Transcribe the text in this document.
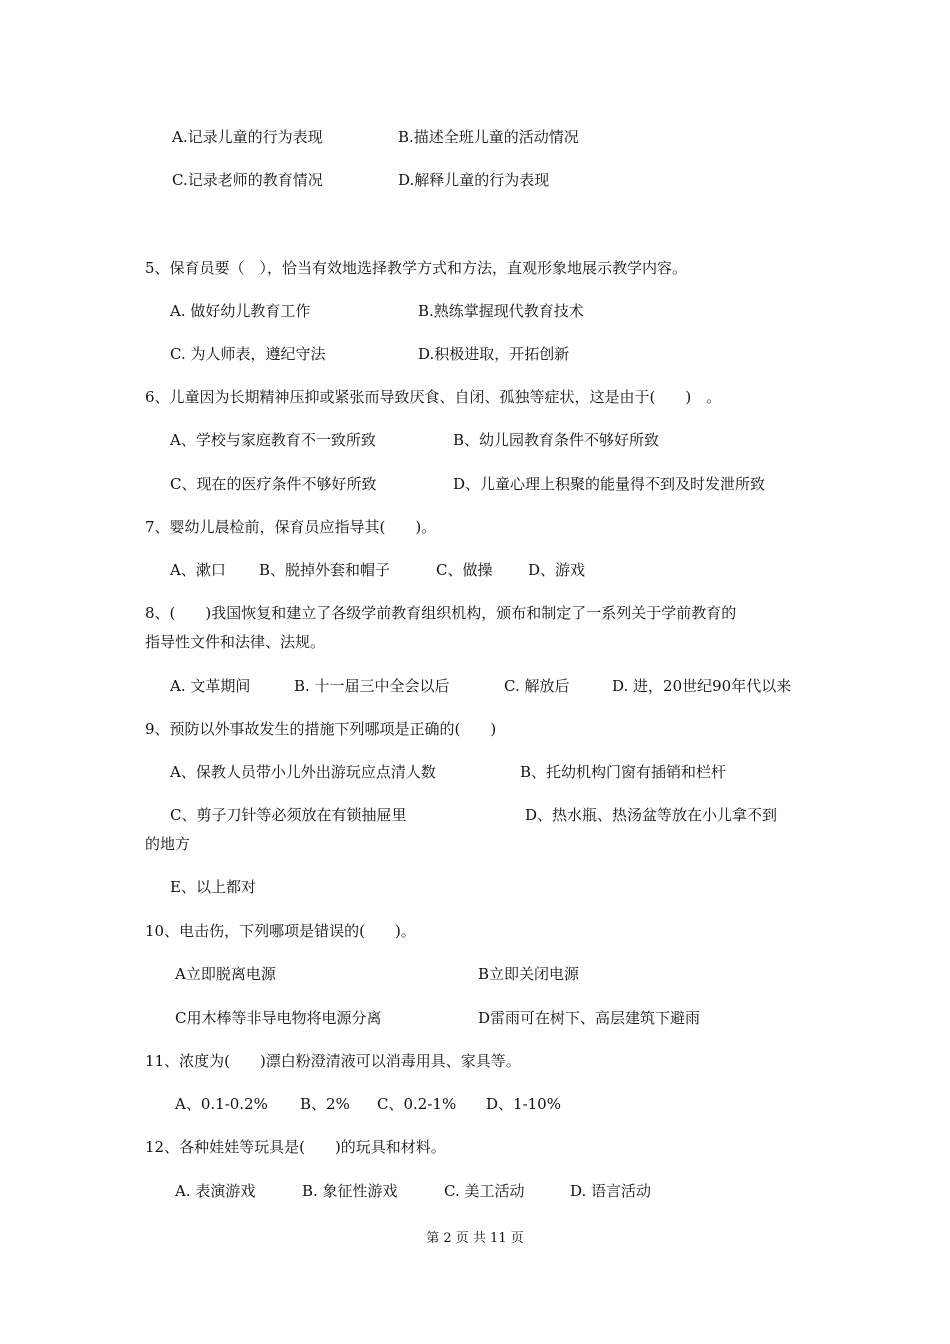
A.记录儿童的行为表现	B.描述全班儿童的活动情况
C.记录老师的教育情况	D.解释儿童的行为表现
5、保育员要（　），恰当有效地选择教学方式和方法，直观形象地展示教学内容。
A. 做好幼儿教育工作	B.熟练掌握现代教育技术
C. 为人师表，遵纪守法	D.积极进取，开拓创新
6、儿童因为长期精神压抑或紧张而导致厌食、自闭、孤独等症状，这是由于(　　)　。
A、学校与家庭教育不一致所致	B、幼儿园教育条件不够好所致
C、现在的医疗条件不够好所致	D、儿童心理上积聚的能量得不到及时发泄所致
7、婴幼儿晨检前，保育员应指导其(　　)。
A、漱口 B、脱掉外套和帽子	C、做操 D、游戏
8、(　　)我国恢复和建立了各级学前教育组织机构，颁布和制定了一系列关于学前教育的
指导性文件和法律、法规。
A. 文革期间	B. 十一届三中全会以后	C. 解放后	D. 进，20世纪90年代以来
9、预防以外事故发生的措施下列哪项是正确的(　　)
A、保教人员带小儿外出游玩应点清人数	B、托幼机构门窗有插销和栏杆
C、剪子刀针等必须放在有锁抽屉里	D、热水瓶、热汤盆等放在小儿拿不到
的地方
E、以上都对
10、电击伤，下列哪项是错误的(　　)。
A立即脱离电源	B立即关闭电源
C用木棒等非导电物将电源分离	D雷雨可在树下、高层建筑下避雨
11、浓度为(　　)漂白粉澄清液可以消毒用具、家具等。
A、0.1-0.2% B、2% C、0.2-1% D、1-10%
12、各种娃娃等玩具是(　　)的玩具和材料。
A. 表演游戏	B. 象征性游戏	C. 美工活动	D. 语言活动
第 2 页 共 11 页
